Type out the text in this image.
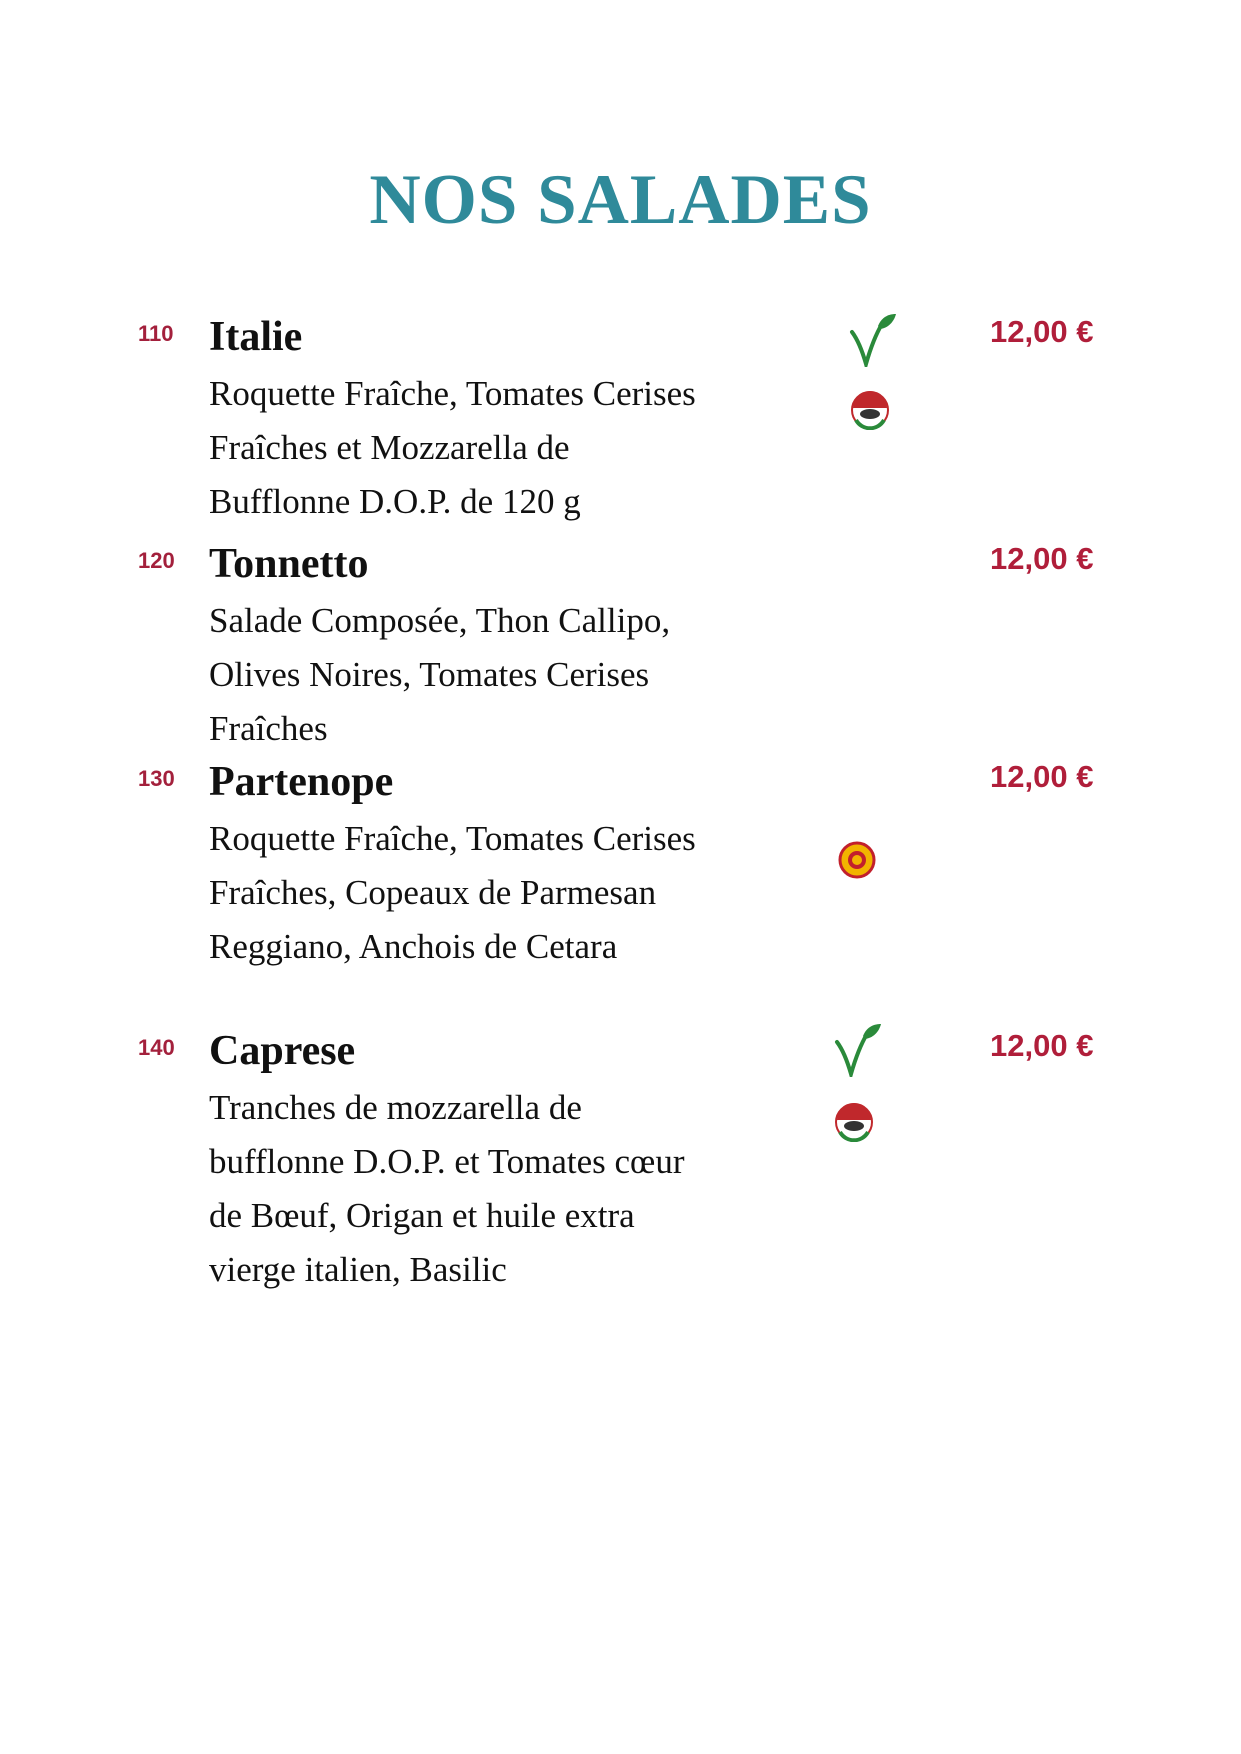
NOS SALADES
110 Italie	12,00 €
Roquette Fraîche, Tomates Cerises
Fraîches et Mozzarella de
Bufflonne D.O.P. de 120 g
120 Tonnetto	12,00 €
Salade Composée, Thon Callipo,
Olives Noires, Tomates Cerises
Fraîches
130 Partenope	12,00 €
Roquette Fraîche, Tomates Cerises
Fraîches, Copeaux de Parmesan
Reggiano, Anchois de Cetara
140 Caprese	12,00 €
Tranches de mozzarella de
bufflonne D.O.P. et Tomates cœur
de Bœuf, Origan et huile extra
vierge italien, Basilic
